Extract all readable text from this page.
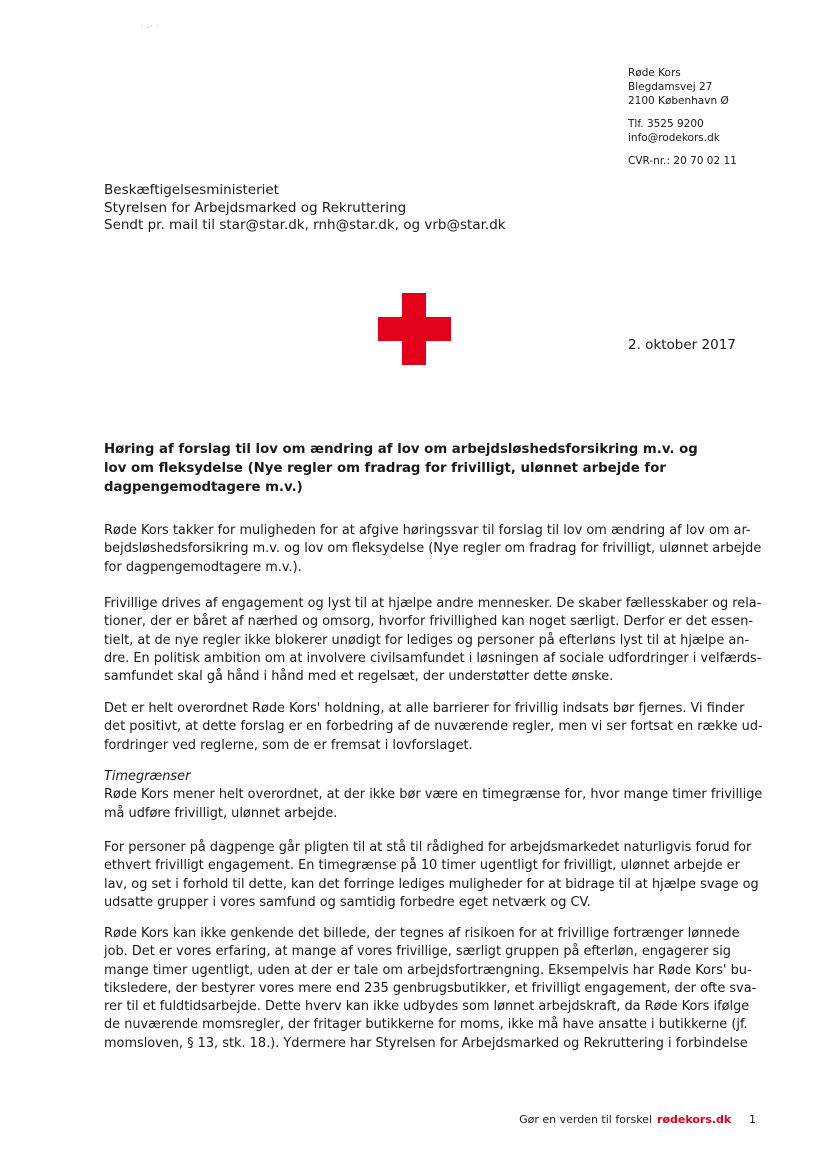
· -· ·
Røde Kors
Blegdamsvej 27
2100 København Ø
Tlf. 3525 9200
info@rodekors.dk
CVR-nr.: 20 70 02 11
Beskæftigelsesministeriet
Styrelsen for Arbejdsmarked og Rekruttering
Sendt pr. mail til star@star.dk, rnh@star.dk, og vrb@star.dk
2. oktober 2017
Høring af forslag til lov om ændring af lov om arbejdsløshedsforsikring m.v. og lov om fleksydelse (Nye regler om fradrag for frivilligt, ulønnet arbejde for dagpengemodtagere m.v.)
Røde Kors takker for muligheden for at afgive høringssvar til forslag til lov om ændring af lov om ar-
bejdsløshedsforsikring m.v. og lov om fleksydelse (Nye regler om fradrag for frivilligt, ulønnet arbejde
for dagpengemodtagere m.v.).
Frivillige drives af engagement og lyst til at hjælpe andre mennesker. De skaber fællesskaber og rela-
tioner, der er båret af nærhed og omsorg, hvorfor frivillighed kan noget særligt. Derfor er det essen-
tielt, at de nye regler ikke blokerer unødigt for lediges og personer på efterløns lyst til at hjælpe an-
dre. En politisk ambition om at involvere civilsamfundet i løsningen af sociale udfordringer i velfærds-
samfundet skal gå hånd i hånd med et regelsæt, der understøtter dette ønske.
Det er helt overordnet Røde Kors' holdning, at alle barrierer for frivillig indsats bør fjernes. Vi finder
det positivt, at dette forslag er en forbedring af de nuværende regler, men vi ser fortsat en række ud-
fordringer ved reglerne, som de er fremsat i lovforslaget.
Timegrænser
Røde Kors mener helt overordnet, at der ikke bør være en timegrænse for, hvor mange timer frivillige
må udføre frivilligt, ulønnet arbejde.
For personer på dagpenge går pligten til at stå til rådighed for arbejdsmarkedet naturligvis forud for
ethvert frivilligt engagement. En timegrænse på 10 timer ugentligt for frivilligt, ulønnet arbejde er
lav, og set i forhold til dette, kan det forringe lediges muligheder for at bidrage til at hjælpe svage og
udsatte grupper i vores samfund og samtidig forbedre eget netværk og CV.
Røde Kors kan ikke genkende det billede, der tegnes af risikoen for at frivillige fortrænger lønnede
job. Det er vores erfaring, at mange af vores frivillige, særligt gruppen på efterløn, engagerer sig
mange timer ugentligt, uden at der er tale om arbejdsfortrængning. Eksempelvis har Røde Kors' bu-
tiksledere, der bestyrer vores mere end 235 genbrugsbutikker, et frivilligt engagement, der ofte sva-
rer til et fuldtidsarbejde. Dette hverv kan ikke udbydes som lønnet arbejdskraft, da Røde Kors ifølge
de nuværende momsregler, der fritager butikkerne for moms, ikke må have ansatte i butikkerne (jf.
momsloven, § 13, stk. 18.). Ydermere har Styrelsen for Arbejdsmarked og Rekruttering i forbindelse
Gør en verden til forskel rødekors.dk 1
